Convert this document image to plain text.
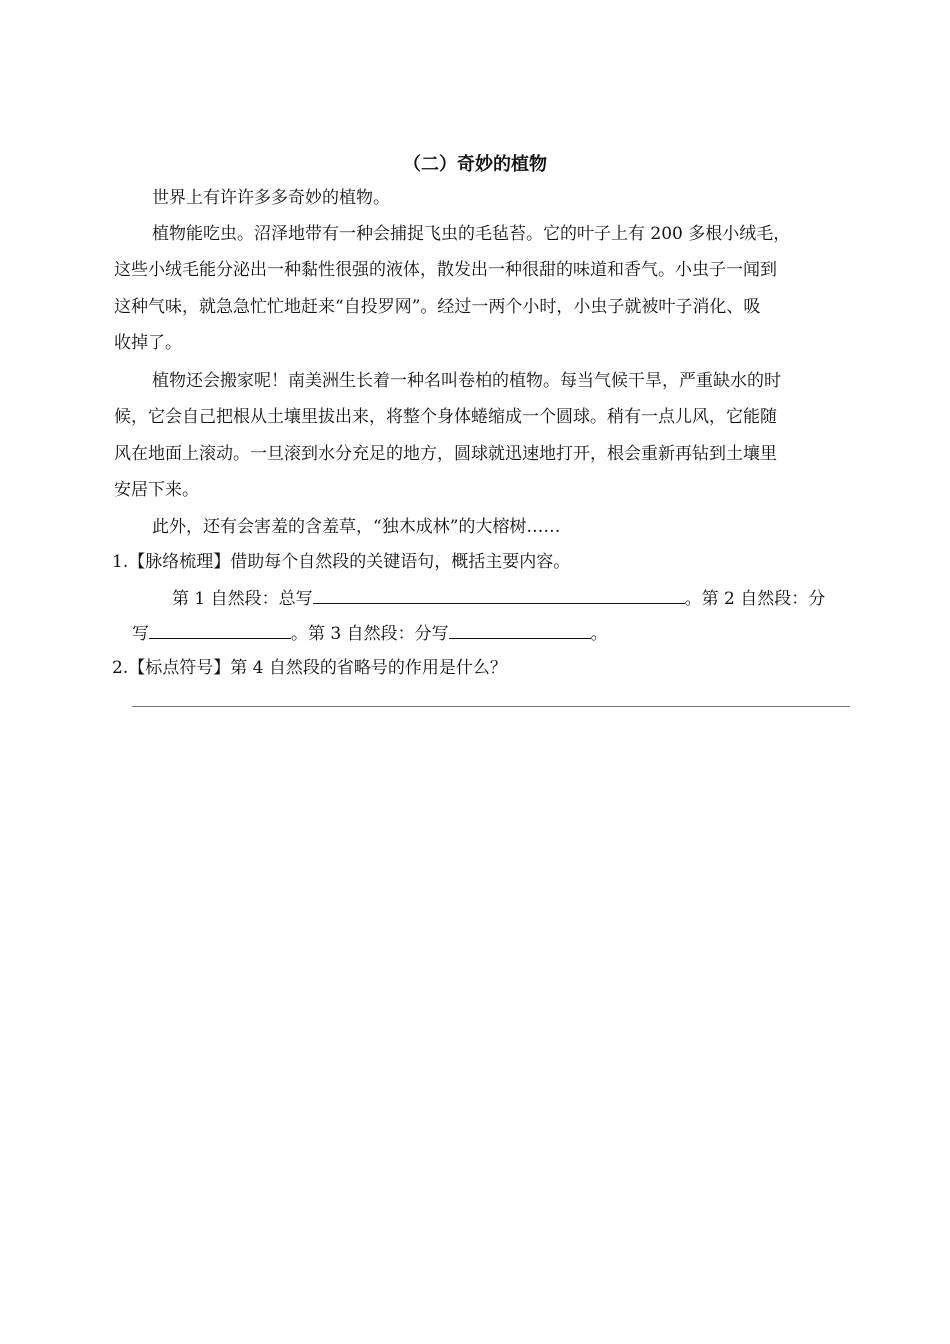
（二）奇妙的植物
世界上有许许多多奇妙的植物。
植物能吃虫。沼泽地带有一种会捕捉飞虫的毛毡苔。它的叶子上有 200 多根小绒毛，
这些小绒毛能分泌出一种黏性很强的液体，散发出一种很甜的味道和香气。小虫子一闻到
这种气味，就急急忙忙地赶来“自投罗网”。经过一两个小时，小虫子就被叶子消化、吸
收掉了。
植物还会搬家呢！南美洲生长着一种名叫卷柏的植物。每当气候干旱，严重缺水的时
候，它会自己把根从土壤里拔出来，将整个身体蜷缩成一个圆球。稍有一点儿风，它能随
风在地面上滚动。一旦滚到水分充足的地方，圆球就迅速地打开，根会重新再钻到土壤里
安居下来。
此外，还有会害羞的含羞草，“独木成林”的大榕树……
1.【脉络梳理】借助每个自然段的关键语句，概括主要内容。
第 1 自然段：总写	。第 2 自然段：分
写	。第 3 自然段：分写	。
2.【标点符号】第 4 自然段的省略号的作用是什么？
